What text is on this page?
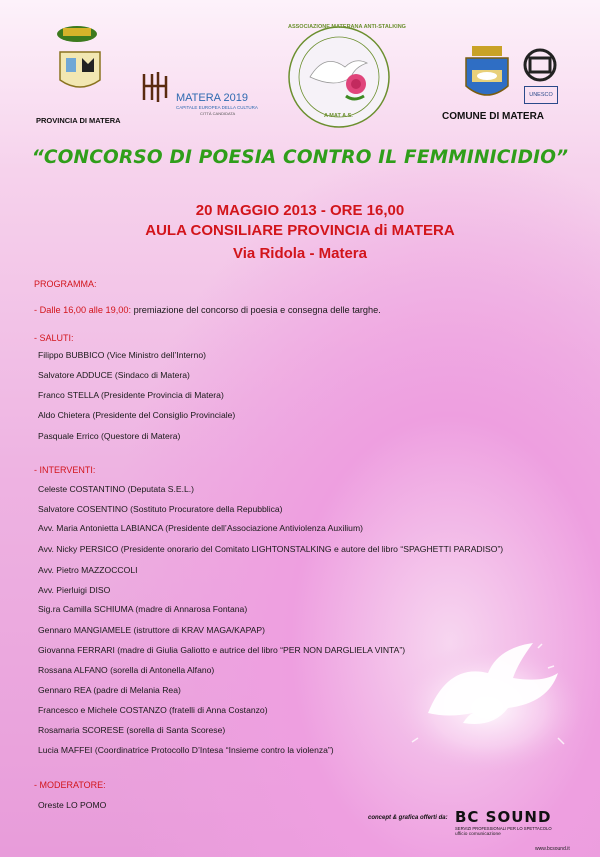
PROVINCIA DI MATERA
MATERA 2019
CAPITALE EUROPEA DELLA CULTURA
CITTÀ CANDIDATA
ASSOCIAZIONE MATERANA ANTI-STALKING
A MAT A.S.	COMUNE DI MATERA
UNESCO
“CONCORSO DI POESIA CONTRO IL FEMMINICIDIO”
20 MAGGIO 2013 - ORE 16,00
AULA CONSILIARE PROVINCIA di MATERA
Via Ridola - Matera
PROGRAMMA:
- Dalle 16,00 alle 19,00: premiazione del concorso di poesia e consegna delle targhe.
- SALUTI:
Filippo BUBBICO (Vice Ministro dell’Interno)
Salvatore ADDUCE (Sindaco di Matera)
Franco STELLA (Presidente Provincia di Matera)
Aldo Chietera (Presidente del Consiglio Provinciale)
Pasquale Errico (Questore di Matera)
- INTERVENTI:
Celeste COSTANTINO (Deputata S.E.L.)
Salvatore COSENTINO (Sostituto Procuratore della Repubblica)
Avv. Maria Antonietta LABIANCA (Presidente dell’Associazione Antiviolenza Auxilium)
Avv. Nicky PERSICO (Presidente onorario del Comitato LIGHTONSTALKING e autore del libro “SPAGHETTI PARADISO”)
Avv. Pietro MAZZOCCOLI
Avv. Pierluigi DISO
Sig.ra Camilla SCHIUMA (madre di Annarosa Fontana)
Gennaro MANGIAMELE (istruttore di KRAV MAGA/KAPAP)
Giovanna FERRARI (madre di Giulia Galiotto e autrice del libro “PER NON DARGLIELA VINTA”)
Rossana ALFANO (sorella di Antonella Alfano)
Gennaro REA (padre di Melania Rea)
Francesco e Michele COSTANZO (fratelli di Anna Costanzo)
Rosamaria SCORESE (sorella di Santa Scorese)
Lucia MAFFEI (Coordinatrice Protocollo D’Intesa “Insieme contro la violenza”)
- MODERATORE:
Oreste LO POMO
concept & grafica offerti da: BC SOUND
SERVIZI PROFESSIONALI PER LO SPETTACOLO
ufficio comunicazione
www.bcsound.it
